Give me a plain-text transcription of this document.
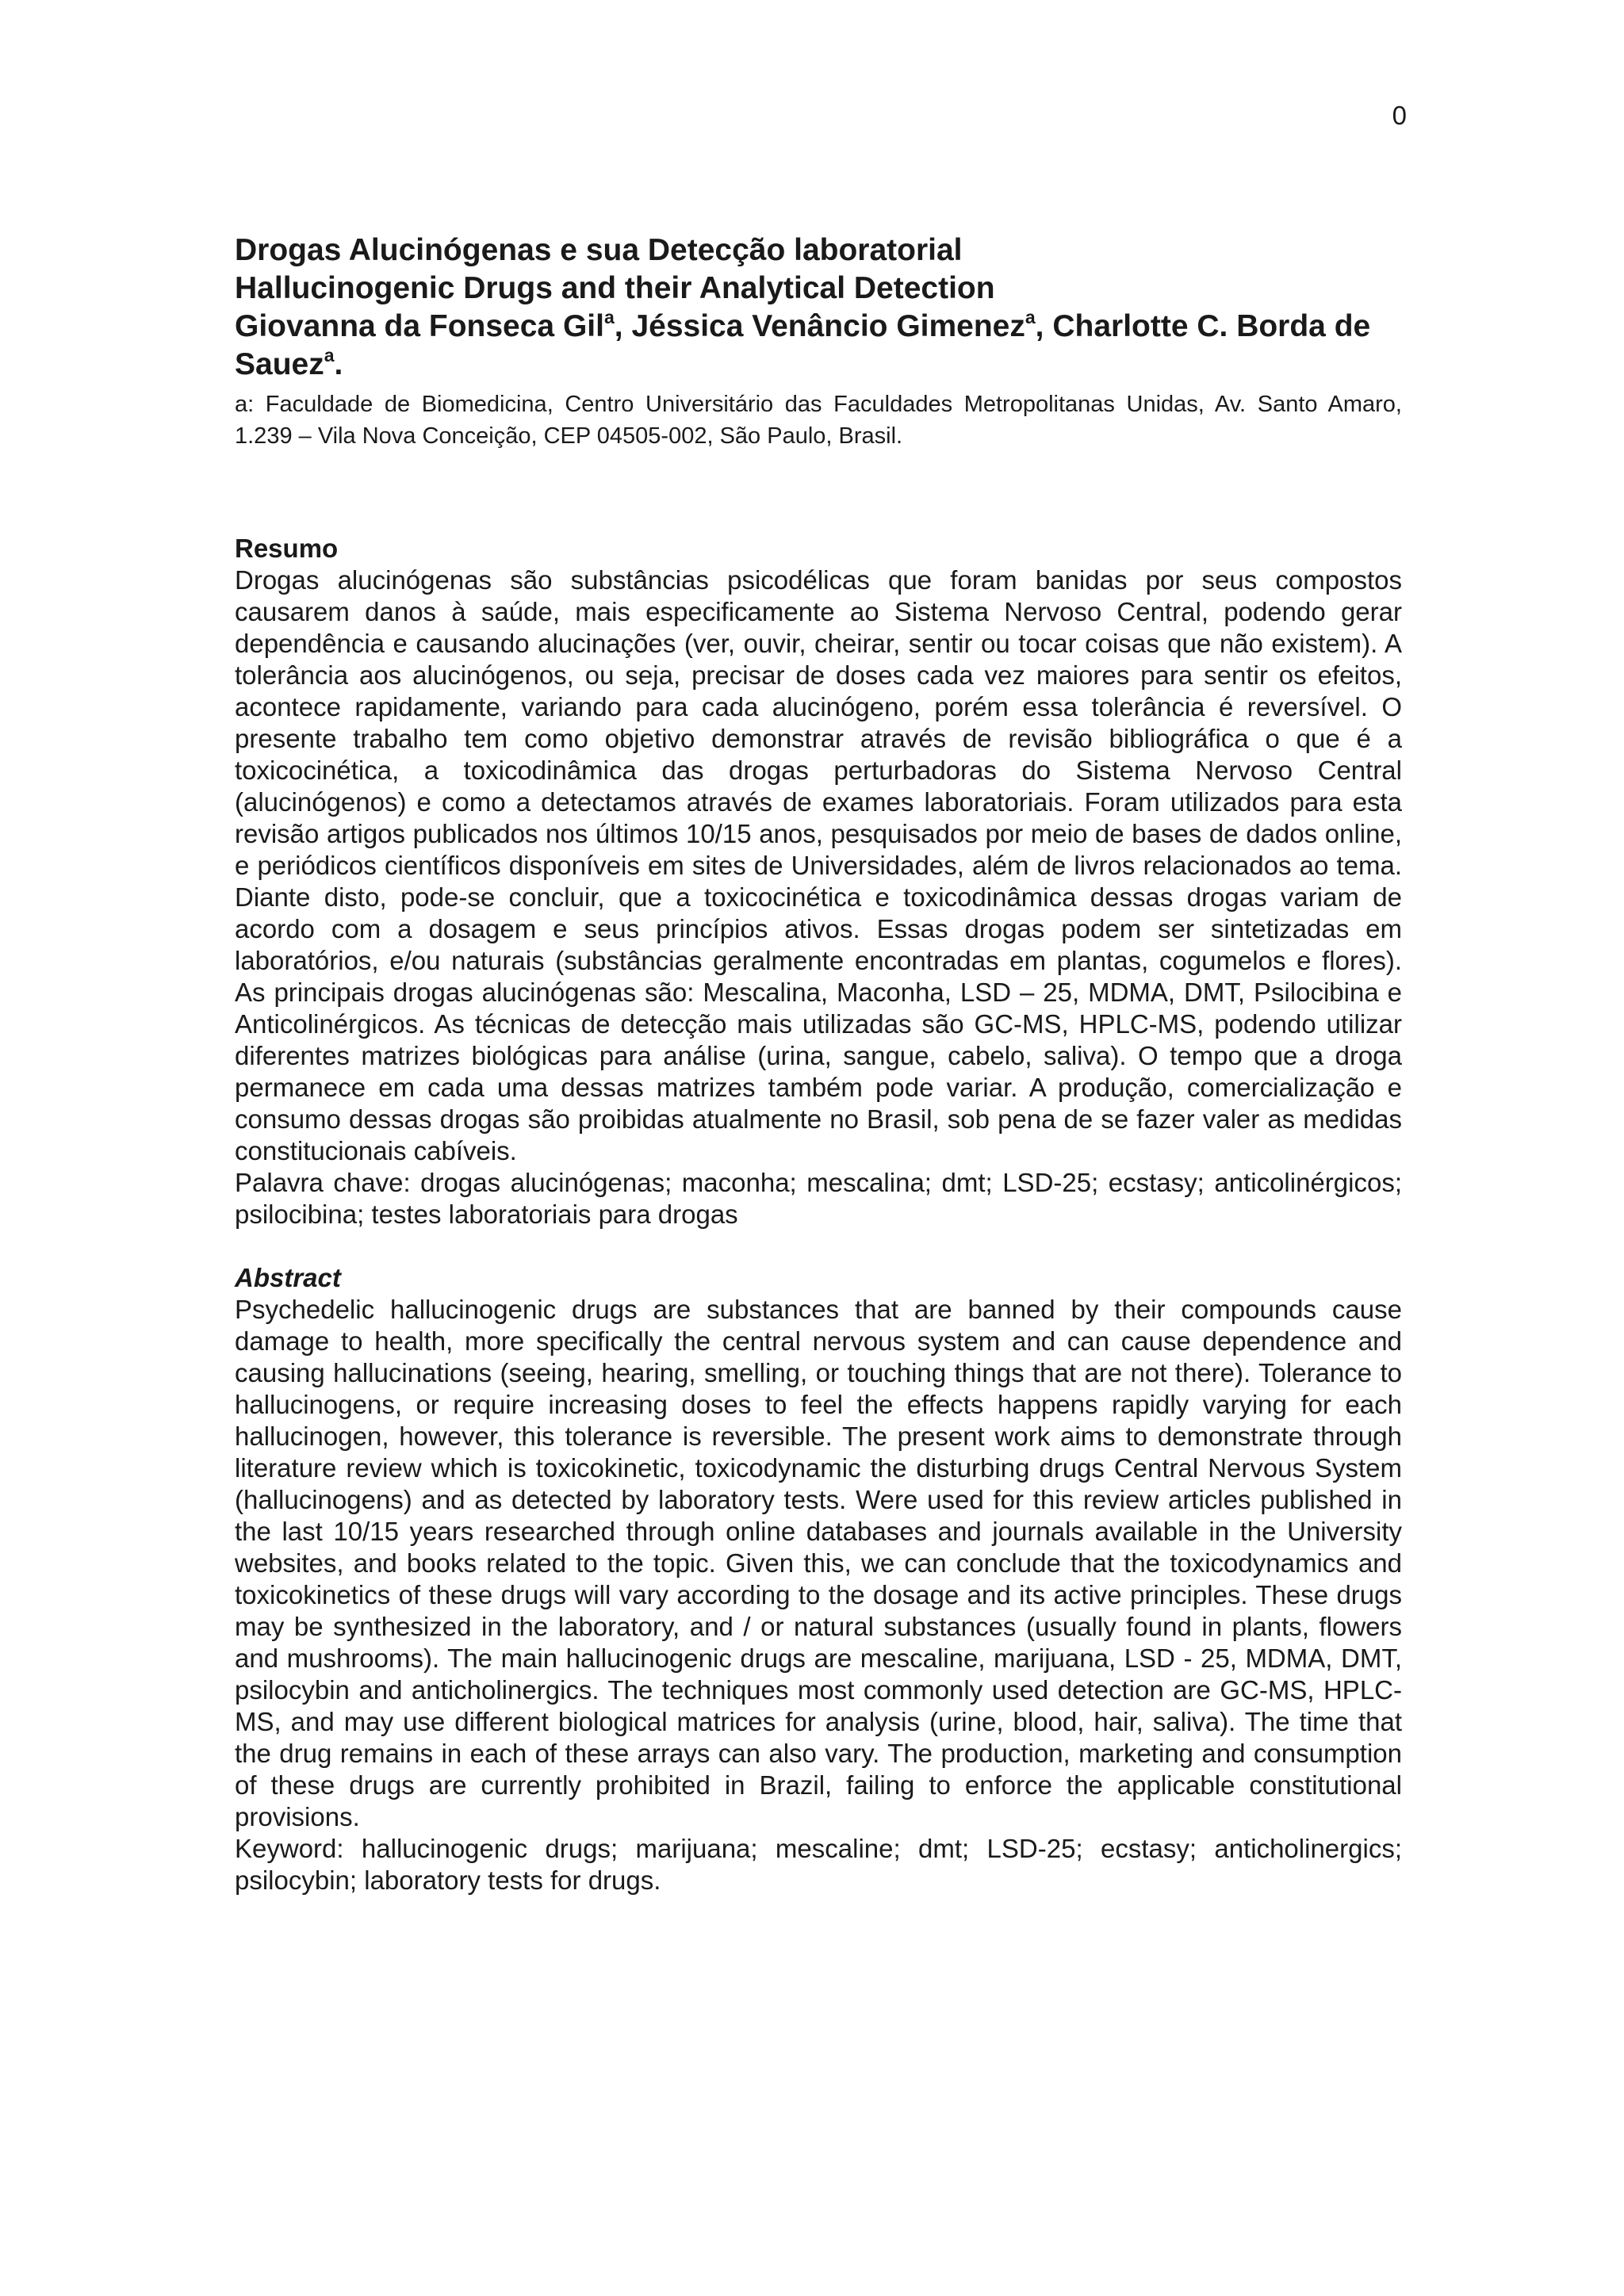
0
Drogas Alucinógenas e sua Detecção laboratorial
Hallucinogenic Drugs and their Analytical Detection
Giovanna da Fonseca Gil$^a$, Jéssica Venâncio Gimenez$^a$, Charlotte C. Borda de Sauez$^a$.
a: Faculdade de Biomedicina, Centro Universitário das Faculdades Metropolitanas Unidas, Av. Santo Amaro, 1.239 – Vila Nova Conceição, CEP 04505-002, São Paulo, Brasil.
Resumo

Drogas alucinógenas são substâncias psicodélicas que foram banidas por seus compostos causarem danos à saúde, mais especificamente ao Sistema Nervoso Central, podendo gerar dependência e causando alucinações (ver, ouvir, cheirar, sentir ou tocar coisas que não existem). A tolerância aos alucinógenos, ou seja, precisar de doses cada vez maiores para sentir os efeitos, acontece rapidamente, variando para cada alucinógeno, porém essa tolerância é reversível. O presente trabalho tem como objetivo demonstrar através de revisão bibliográfica o que é a toxicocinética, a toxicodinâmica das drogas perturbadoras do Sistema Nervoso Central (alucinógenos) e como a detectamos através de exames laboratoriais. Foram utilizados para esta revisão artigos publicados nos últimos 10/15 anos, pesquisados por meio de bases de dados online, e periódicos científicos disponíveis em sites de Universidades, além de livros relacionados ao tema. Diante disto, pode-se concluir, que a toxicocinética e toxicodinâmica dessas drogas variam de acordo com a dosagem e seus princípios ativos. Essas drogas podem ser sintetizadas em laboratórios, e/ou naturais (substâncias geralmente encontradas em plantas, cogumelos e flores). As principais drogas alucinógenas são: Mescalina, Maconha, LSD – 25, MDMA, DMT, Psilocibina e Anticolinérgicos. As técnicas de detecção mais utilizadas são GC-MS, HPLC-MS, podendo utilizar diferentes matrizes biológicas para análise (urina, sangue, cabelo, saliva). O tempo que a droga permanece em cada uma dessas matrizes também pode variar. A produção, comercialização e consumo dessas drogas são proibidas atualmente no Brasil, sob pena de se fazer valer as medidas constitucionais cabíveis.

Palavra chave: drogas alucinógenas; maconha; mescalina; dmt; LSD-25; ecstasy; anticolinérgicos; psilocibina; testes laboratoriais para drogas

Abstract

Psychedelic hallucinogenic drugs are substances that are banned by their compounds cause damage to health, more specifically the central nervous system and can cause dependence and causing hallucinations (seeing, hearing, smelling, or touching things that are not there). Tolerance to hallucinogens, or require increasing doses to feel the effects happens rapidly varying for each hallucinogen, however, this tolerance is reversible. The present work aims to demonstrate through literature review which is toxicokinetic, toxicodynamic the disturbing drugs Central Nervous System (hallucinogens) and as detected by laboratory tests. Were used for this review articles published in the last 10/15 years researched through online databases and journals available in the University websites, and books related to the topic. Given this, we can conclude that the toxicodynamics and toxicokinetics of these drugs will vary according to the dosage and its active principles. These drugs may be synthesized in the laboratory, and / or natural substances (usually found in plants, flowers and mushrooms). The main hallucinogenic drugs are mescaline, marijuana, LSD - 25, MDMA, DMT, psilocybin and anticholinergics. The techniques most commonly used detection are GC-MS, HPLC-MS, and may use different biological matrices for analysis (urine, blood, hair, saliva). The time that the drug remains in each of these arrays can also vary. The production, marketing and consumption of these drugs are currently prohibited in Brazil, failing to enforce the applicable constitutional provisions.

Keyword: hallucinogenic drugs; marijuana; mescaline; dmt; LSD-25; ecstasy; anticholinergics; psilocybin; laboratory tests for drugs.
